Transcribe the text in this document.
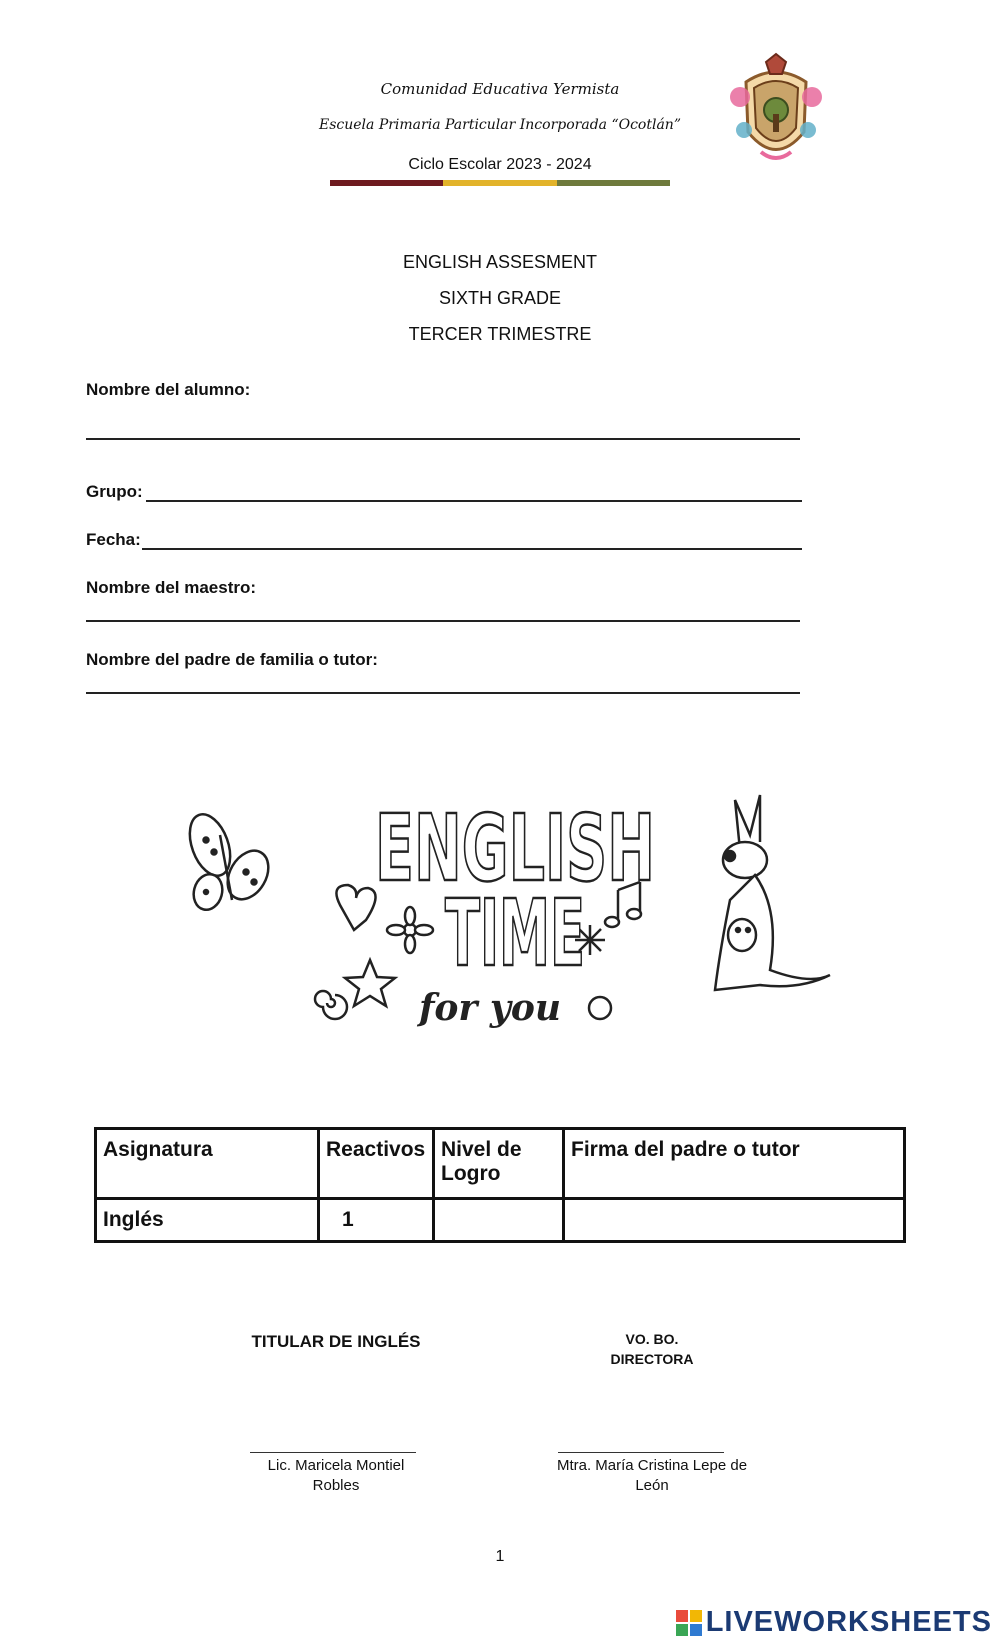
Comunidad Educativa Yermista
Escuela Primaria Particular Incorporada “Ocotlán”
Ciclo Escolar 2023 - 2024
ENGLISH ASSESMENT
SIXTH GRADE
TERCER TRIMESTRE
Nombre del alumno:
Grupo:
Fecha:
Nombre del maestro:
Nombre del padre de familia o tutor:
ENGLISH
TIME
for you
Asignatura	Reactivos	Nivel de Logro	Firma del padre o tutor
Inglés	1		
TITULAR DE INGLÉS	VO. BO.
DIRECTORA
Lic. Maricela Montiel
Robles
Mtra. María Cristina Lepe de
León
1
LIVEWORKSHEETS
